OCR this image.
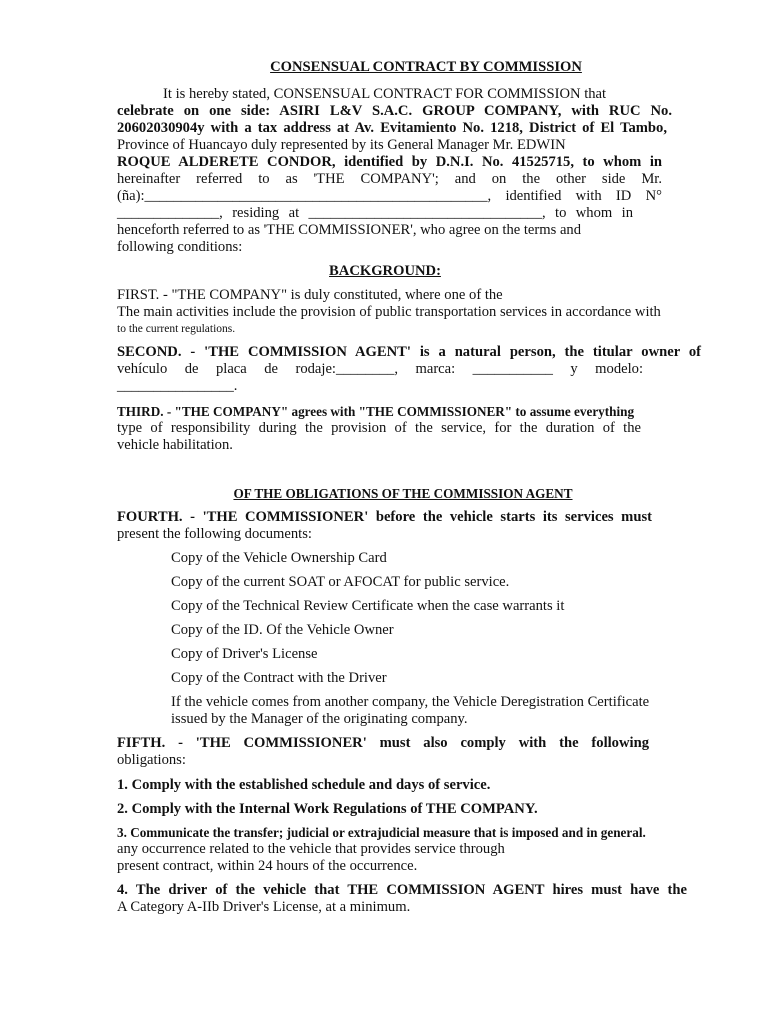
CONSENSUAL CONTRACT BY COMMISSION
It is hereby stated, CONSENSUAL CONTRACT FOR COMMISSION that
celebrate on one side: ASIRI L&V S.A.C. GROUP COMPANY, with RUC No.
20602030904y with a tax address at Av. Evitamiento No. 1218, District of El Tambo,
Province of Huancayo duly represented by its General Manager Mr. EDWIN
ROQUE ALDERETE CONDOR, identified by D.N.I. No. 41525715, to whom in
hereinafter referred to as 'THE COMPANY'; and on the other side Mr.
(ña):_______________________________________________, identified with ID N°
______________, residing at ________________________________, to whom in
henceforth referred to as 'THE COMMISSIONER', who agree on the terms and
following conditions:
BACKGROUND:
FIRST. - "THE COMPANY" is duly constituted, where one of the
The main activities include the provision of public transportation services in accordance with
to the current regulations.
SECOND. - 'THE COMMISSION AGENT' is a natural person, the titular owner of
vehículo de placa de rodaje:________, marca: ___________ y modelo:
________________.
THIRD. - "THE COMPANY" agrees with "THE COMMISSIONER" to assume everything
type of responsibility during the provision of the service, for the duration of the
vehicle habilitation.
OF THE OBLIGATIONS OF THE COMMISSION AGENT
FOURTH. - 'THE COMMISSIONER' before the vehicle starts its services must
present the following documents:
Copy of the Vehicle Ownership Card
Copy of the current SOAT or AFOCAT for public service.
Copy of the Technical Review Certificate when the case warrants it
Copy of the ID. Of the Vehicle Owner
Copy of Driver's License
Copy of the Contract with the Driver
If the vehicle comes from another company, the Vehicle Deregistration Certificate
issued by the Manager of the originating company.
FIFTH. - 'THE COMMISSIONER' must also comply with the following
obligations:
1. Comply with the established schedule and days of service.
2. Comply with the Internal Work Regulations of THE COMPANY.
3. Communicate the transfer; judicial or extrajudicial measure that is imposed and in general.
any occurrence related to the vehicle that provides service through
present contract, within 24 hours of the occurrence.
4. The driver of the vehicle that THE COMMISSION AGENT hires must have the
A Category A-IIb Driver's License, at a minimum.
